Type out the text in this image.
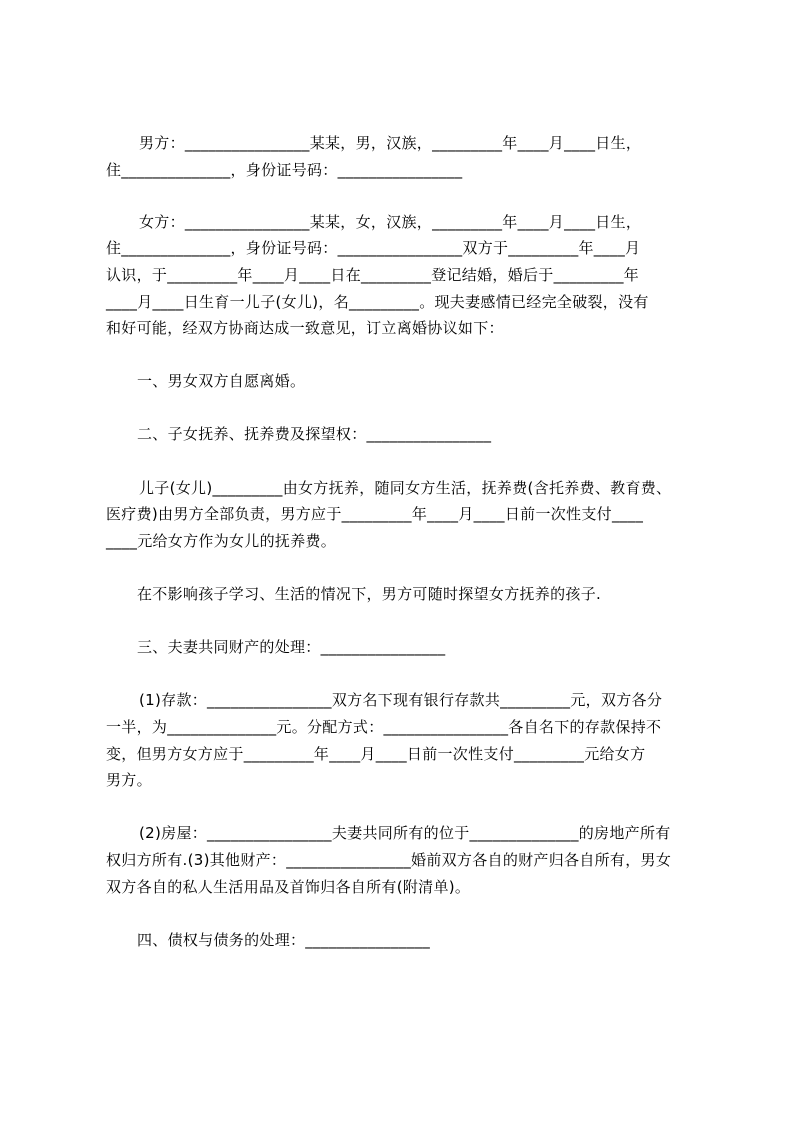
男方：________________某某，男，汉族，_________年____月____日生，
住______________，身份证号码：________________
女方：________________某某，女，汉族，_________年____月____日生，
住______________，身份证号码：________________双方于_________年____月
认识，于_________年____月____日在_________登记结婚，婚后于_________年
____月____日生育一儿子(女儿)，名_________。现夫妻感情已经完全破裂，没有
和好可能，经双方协商达成一致意见，订立离婚协议如下：
一、男女双方自愿离婚。
二、子女抚养、抚养费及探望权：________________
儿子(女儿)_________由女方抚养，随同女方生活，抚养费(含托养费、教育费、
医疗费)由男方全部负责，男方应于_________年____月____日前一次性支付____
____元给女方作为女儿的抚养费。
在不影响孩子学习、生活的情况下，男方可随时探望女方抚养的孩子.
三、夫妻共同财产的处理：________________
(1)存款：________________双方名下现有银行存款共_________元，双方各分
一半，为______________元。分配方式：________________各自名下的存款保持不
变，但男方女方应于_________年____月____日前一次性支付_________元给女方
男方。
(2)房屋：________________夫妻共同所有的位于______________的房地产所有
权归方所有.(3)其他财产：________________婚前双方各自的财产归各自所有，男女
双方各自的私人生活用品及首饰归各自所有(附清单)。
四、债权与债务的处理：________________
